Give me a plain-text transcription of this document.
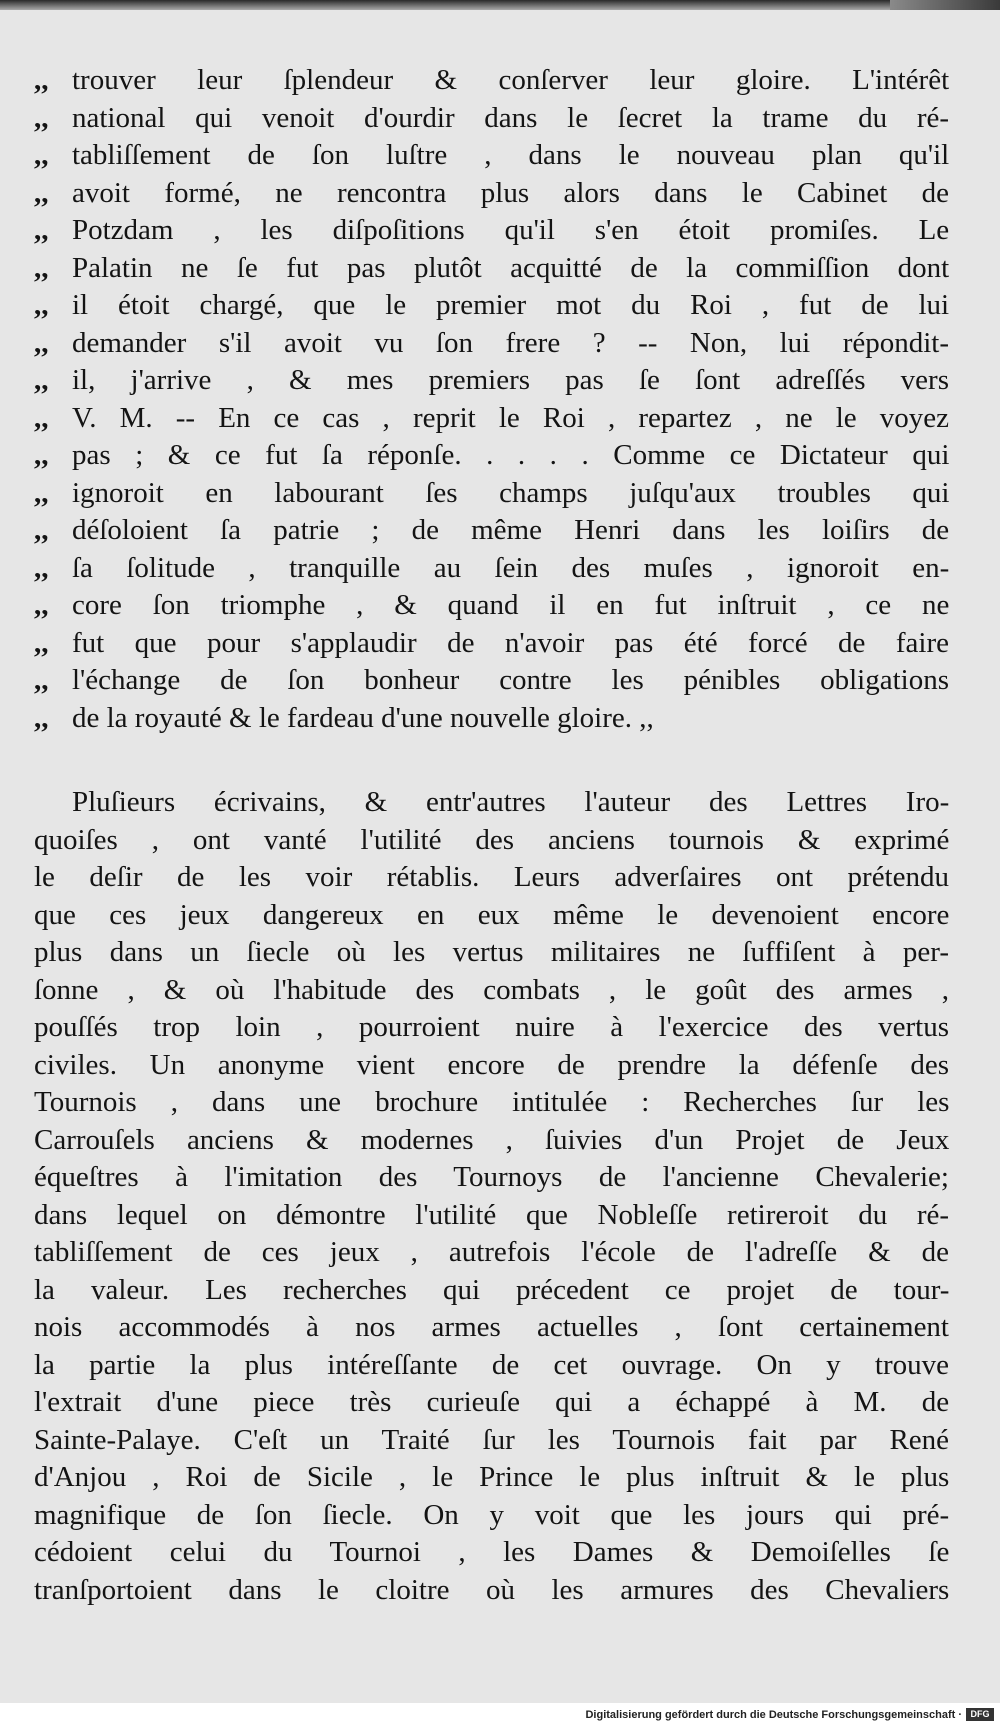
,, trouver leur ſplendeur & conſerver leur gloire. L'intérêt
,, national qui venoit d'ourdir dans le ſecret la trame du ré-
,, tabliſſement de ſon luſtre , dans le nouveau plan qu'il
,, avoit formé, ne rencontra plus alors dans le Cabinet de
,, Potzdam , les diſpoſitions qu'il s'en étoit promiſes. Le
,, Palatin ne ſe fut pas plutôt acquitté de la commiſſion dont
,, il étoit chargé, que le premier mot du Roi , fut de lui
,, demander s'il avoit vu ſon frere ? -- Non, lui répondit-
,, il, j'arrive , & mes premiers pas ſe ſont adreſſés vers
,, V. M. -- En ce cas , reprit le Roi , repartez , ne le voyez
,, pas ; & ce fut ſa réponſe. . . . . Comme ce Dictateur qui
,, ignoroit en labourant ſes champs juſqu'aux troubles qui
,, déſoloient ſa patrie ; de même Henri dans les loiſirs de
,, ſa ſolitude , tranquille au ſein des muſes , ignoroit en-
,, core ſon triomphe , & quand il en fut inſtruit , ce ne
,, fut que pour s'applaudir de n'avoir pas été forcé de faire
,, l'échange de ſon bonheur contre les pénibles obligations
,, de la royauté & le fardeau d'une nouvelle gloire. ,,
Pluſieurs écrivains, & entr'autres l'auteur des Lettres Iro-
quoiſes , ont vanté l'utilité des anciens tournois & exprimé
le deſir de les voir rétablis. Leurs adverſaires ont prétendu
que ces jeux dangereux en eux même le devenoient encore
plus dans un ſiecle où les vertus militaires ne ſuffiſent à per-
ſonne , & où l'habitude des combats , le goût des armes ,
pouſſés trop loin , pourroient nuire à l'exercice des vertus
civiles. Un anonyme vient encore de prendre la défenſe des
Tournois , dans une brochure intitulée : Recherches ſur les
Carrouſels anciens & modernes , ſuivies d'un Projet de Jeux
équeſtres à l'imitation des Tournoys de l'ancienne Chevalerie;
dans lequel on démontre l'utilité que Nobleſſe retireroit du ré-
tabliſſement de ces jeux , autrefois l'école de l'adreſſe & de
la valeur. Les recherches qui précedent ce projet de tour-
nois accommodés à nos armes actuelles , ſont certainement
la partie la plus intéreſſante de cet ouvrage. On y trouve
l'extrait d'une piece très curieuſe qui a échappé à M. de
Sainte-Palaye. C'eſt un Traité ſur les Tournois fait par René
d'Anjou , Roi de Sicile , le Prince le plus inſtruit & le plus
magnifique de ſon ſiecle. On y voit que les jours qui pré-
cédoient celui du Tournoi , les Dames & Demoiſelles ſe
tranſportoient dans le cloitre où les armures des Chevaliers
Digitalisierung gefördert durch die Deutsche Forschungsgemeinschaft · DFG
